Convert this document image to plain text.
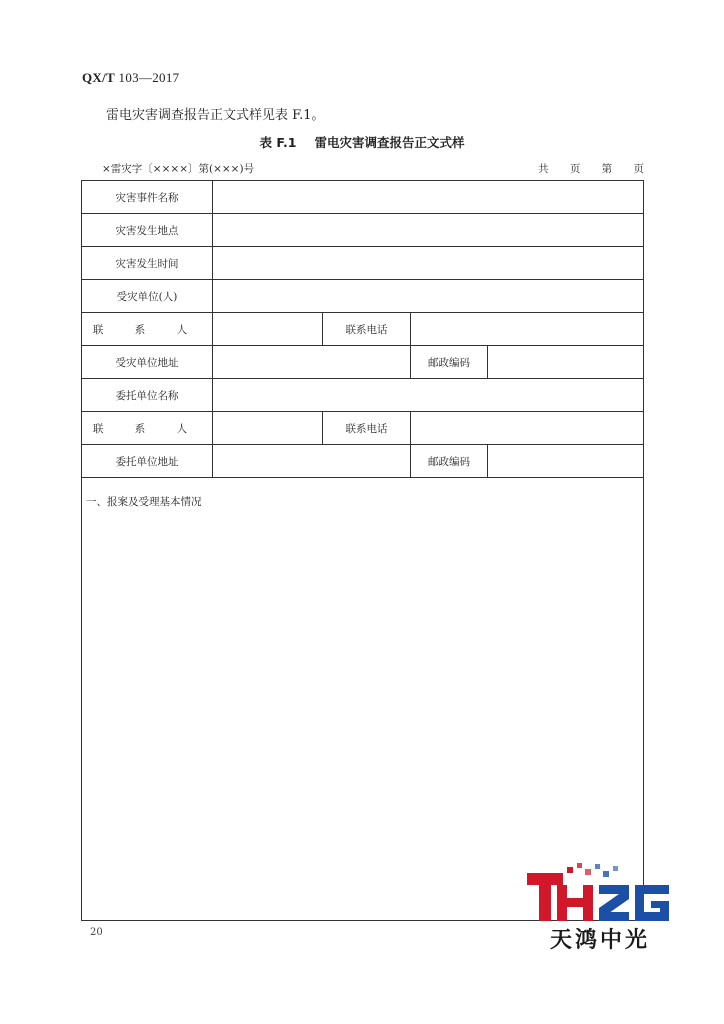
QX/T 103—2017
雷电灾害调查报告正文式样见表 F.1。
表 F.1 雷电灾害调查报告正文式样
×雷灾字〔××××〕第(×××)号	共 页 第 页
灾害事件名称				
灾害发生地点				
灾害发生时间				
受灾单位(人)				
联 系 人		联系电话		
受灾单位地址			邮政编码	
委托单位名称				
联 系 人		联系电话		
委托单位地址			邮政编码	
一、报案及受理基本情况				
20	天鸿中光
